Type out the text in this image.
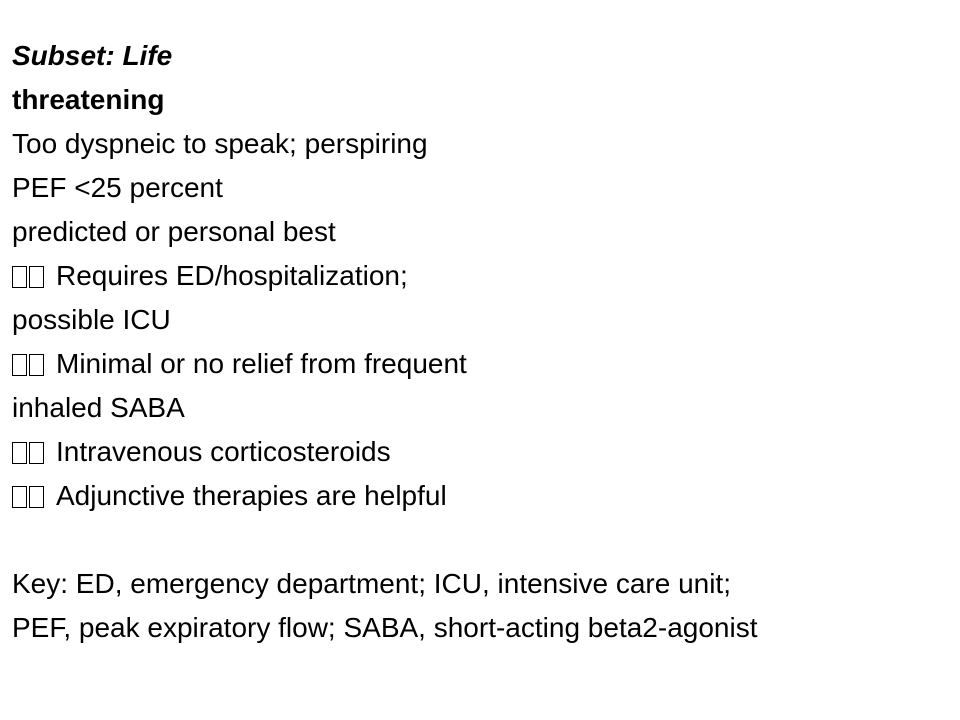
Subset: Life
threatening
Too dyspneic to speak; perspiring
PEF <25 percent
predicted or personal best
Requires ED/hospitalization;
possible ICU
Minimal or no relief from frequent
inhaled SABA
Intravenous corticosteroids
Adjunctive therapies are helpful
Key: ED, emergency department; ICU, intensive care unit;
PEF, peak expiratory flow; SABA, short-acting beta2-agonist
